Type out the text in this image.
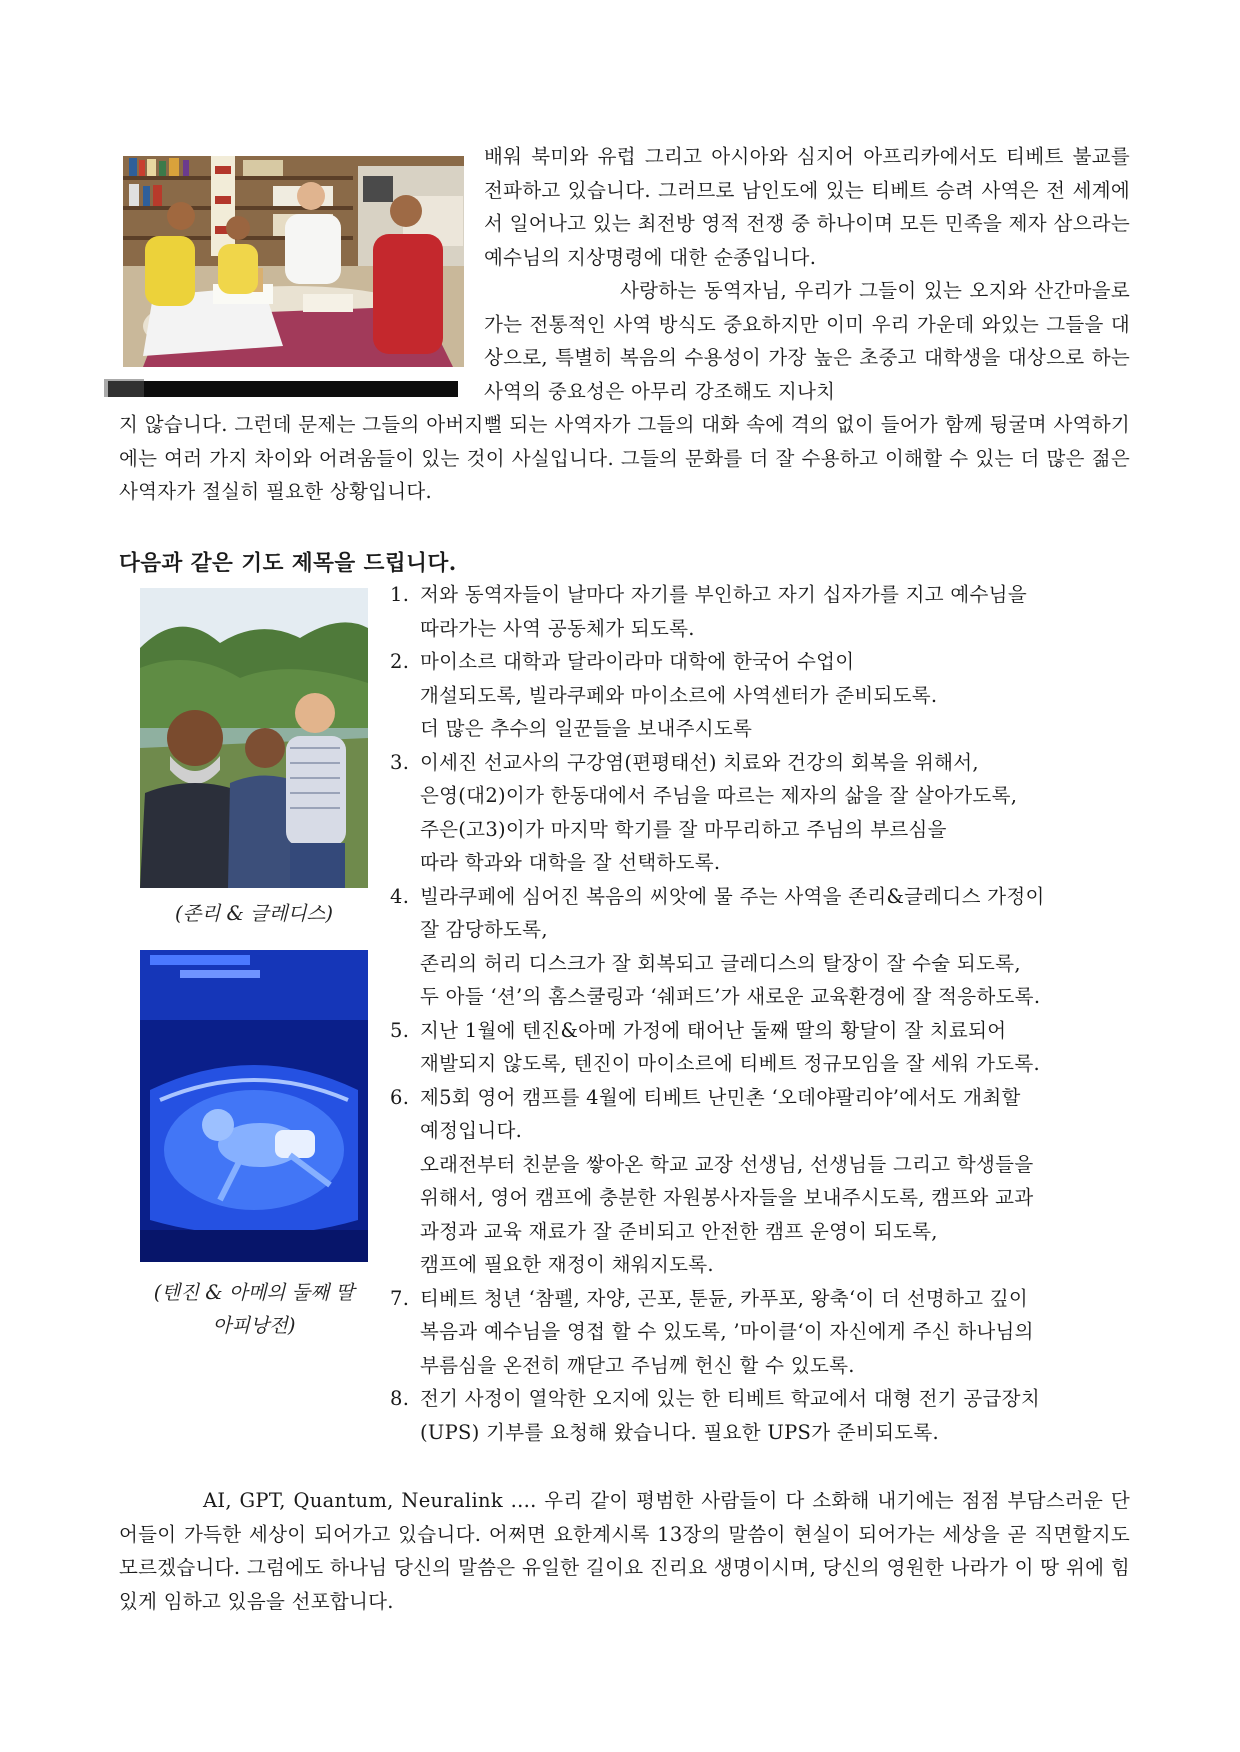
배워 북미와 유럽 그리고 아시아와 심지어 아프리카에서도 티베트 불교를 전파하고 있습니다. 그러므로 남인도에 있는 티베트 승려 사역은 전 세계에서 일어나고 있는 최전방 영적 전쟁 중 하나이며 모든 민족을 제자 삼으라는 예수님의 지상명령에 대한 순종입니다.
사랑하는 동역자님, 우리가 그들이 있는 오지와 산간마을로 가는 전통적인 사역 방식도 중요하지만 이미 우리 가운데 와있는 그들을 대상으로, 특별히 복음의 수용성이 가장 높은 초중고 대학생을 대상으로 하는 사역의 중요성은 아무리 강조해도 지나치
지 않습니다. 그런데 문제는 그들의 아버지뻘 되는 사역자가 그들의 대화 속에 격의 없이 들어가 함께 뒹굴며 사역하기에는 여러 가지 차이와 어려움들이 있는 것이 사실입니다. 그들의 문화를 더 잘 수용하고 이해할 수 있는 더 많은 젊은 사역자가 절실히 필요한 상황입니다.
다음과 같은 기도 제목을 드립니다.
(존리 & 글레디스)
(텐진 & 아메의 둘째 딸
아피낭전)
1. 저와 동역자들이 날마다 자기를 부인하고 자기 십자가를 지고 예수님을
따라가는 사역 공동체가 되도록.
2. 마이소르 대학과 달라이라마 대학에 한국어 수업이
개설되도록, 빌라쿠페와 마이소르에 사역센터가 준비되도록.
더 많은 추수의 일꾼들을 보내주시도록
3. 이세진 선교사의 구강염(편평태선) 치료와 건강의 회복을 위해서,
은영(대2)이가 한동대에서 주님을 따르는 제자의 삶을 잘 살아가도록,
주은(고3)이가 마지막 학기를 잘 마무리하고 주님의 부르심을
따라 학과와 대학을 잘 선택하도록.
4. 빌라쿠페에 심어진 복음의 씨앗에 물 주는 사역을 존리&글레디스 가정이
잘 감당하도록,
존리의 허리 디스크가 잘 회복되고 글레디스의 탈장이 잘 수술 되도록,
두 아들 ‘션’의 홈스쿨링과 ‘쉐퍼드’가 새로운 교육환경에 잘 적응하도록.
5. 지난 1월에 텐진&아메 가정에 태어난 둘째 딸의 황달이 잘 치료되어
재발되지 않도록, 텐진이 마이소르에 티베트 정규모임을 잘 세워 가도록.
6. 제5회 영어 캠프를 4월에 티베트 난민촌 ‘오데야팔리야’에서도 개최할
예정입니다.
오래전부터 친분을 쌓아온 학교 교장 선생님, 선생님들 그리고 학생들을
위해서, 영어 캠프에 충분한 자원봉사자들을 보내주시도록, 캠프와 교과
과정과 교육 재료가 잘 준비되고 안전한 캠프 운영이 되도록,
캠프에 필요한 재정이 채워지도록.
7. 티베트 청년 ‘참펠, 자양, 곤포, 툰듄, 카푸포, 왕축‘이 더 선명하고 깊이
복음과 예수님을 영접 할 수 있도록, ’마이클‘이 자신에게 주신 하나님의
부름심을 온전히 깨닫고 주님께 헌신 할 수 있도록.
8. 전기 사정이 열악한 오지에 있는 한 티베트 학교에서 대형 전기 공급장치
(UPS) 기부를 요청해 왔습니다. 필요한 UPS가 준비되도록.
AI, GPT, Quantum, Neuralink .... 우리 같이 평범한 사람들이 다 소화해 내기에는 점점 부담스러운 단어들이 가득한 세상이 되어가고 있습니다. 어쩌면 요한계시록 13장의 말씀이 현실이 되어가는 세상을 곧 직면할지도 모르겠습니다. 그럼에도 하나님 당신의 말씀은 유일한 길이요 진리요 생명이시며, 당신의 영원한 나라가 이 땅 위에 힘있게 임하고 있음을 선포합니다.
